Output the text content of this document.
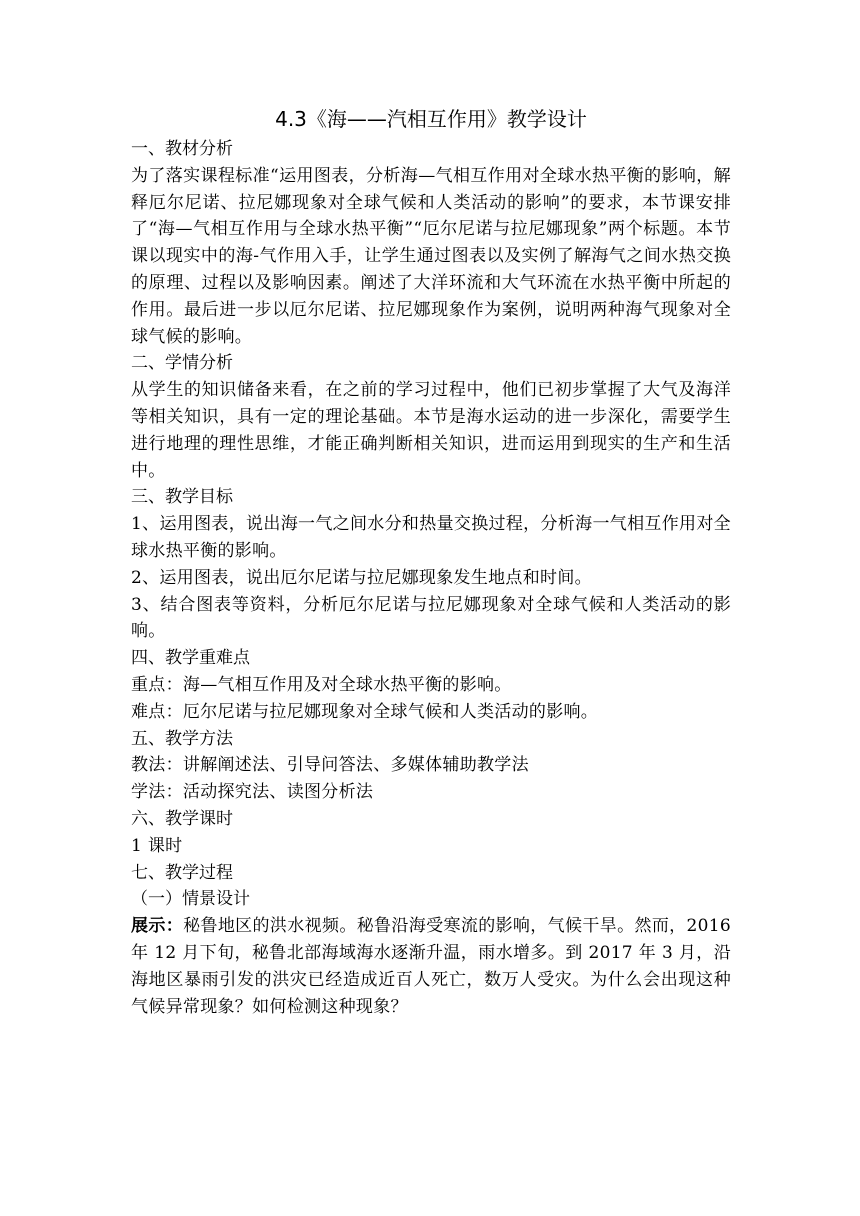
4.3《海——汽相互作用》教学设计
一、教材分析

为了落实课程标准“运用图表，分析海—气相互作用对全球水热平衡的影响，解释厄尔尼诺、拉尼娜现象对全球气候和人类活动的影响”的要求，本节课安排了“海—气相互作用与全球水热平衡”“厄尔尼诺与拉尼娜现象”两个标题。本节课以现实中的海-气作用入手，让学生通过图表以及实例了解海气之间水热交换的原理、过程以及影响因素。阐述了大洋环流和大气环流在水热平衡中所起的作用。最后进一步以厄尔尼诺、拉尼娜现象作为案例，说明两种海气现象对全球气候的影响。

二、学情分析

从学生的知识储备来看，在之前的学习过程中，他们已初步掌握了大气及海洋等相关知识，具有一定的理论基础。本节是海水运动的进一步深化，需要学生进行地理的理性思维，才能正确判断相关知识，进而运用到现实的生产和生活中。

三、教学目标

1、运用图表，说出海一气之间水分和热量交换过程，分析海一气相互作用对全球水热平衡的影响。

2、运用图表，说出厄尔尼诺与拉尼娜现象发生地点和时间。

3、结合图表等资料，分析厄尔尼诺与拉尼娜现象对全球气候和人类活动的影响。

四、教学重难点

重点：海—气相互作用及对全球水热平衡的影响。

难点：厄尔尼诺与拉尼娜现象对全球气候和人类活动的影响。

五、教学方法

教法：讲解阐述法、引导问答法、多媒体辅助教学法

学法：活动探究法、读图分析法

六、教学课时

1 课时

七、教学过程
（一）情景设计

展示：秘鲁地区的洪水视频。秘鲁沿海受寒流的影响，气候干旱。然而，2016 年 12 月下旬，秘鲁北部海域海水逐渐升温，雨水增多。到 2017 年 3 月，沿海地区暴雨引发的洪灾已经造成近百人死亡，数万人受灾。为什么会出现这种气候异常现象？如何检测这种现象？
